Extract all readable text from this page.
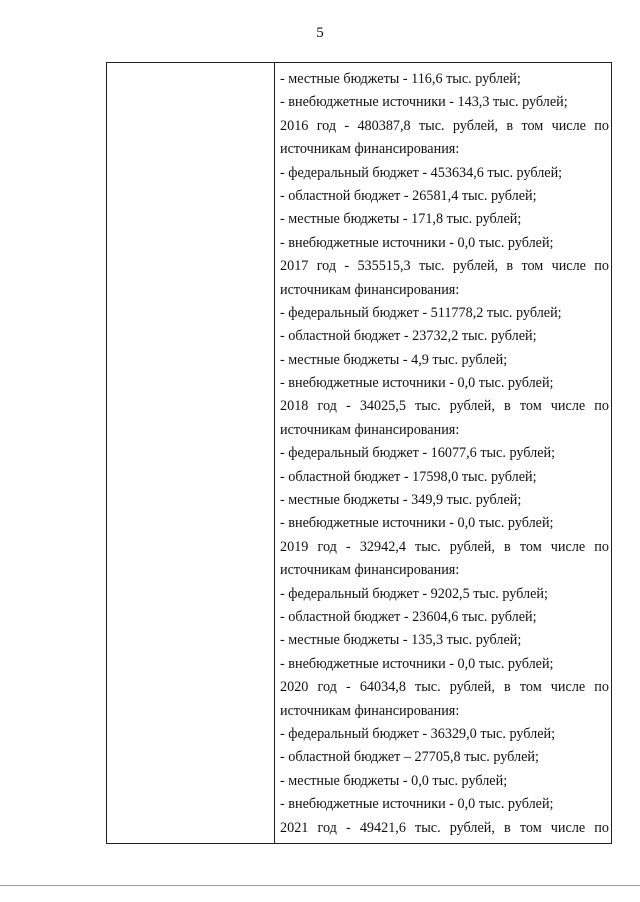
5
- местные бюджеты - 116,6 тыс. рублей;
- внебюджетные источники - 143,3 тыс. рублей;
2016 год - 480387,8 тыс. рублей, в том числе по
источникам финансирования:
- федеральный бюджет - 453634,6 тыс. рублей;
- областной бюджет - 26581,4 тыс. рублей;
- местные бюджеты - 171,8 тыс. рублей;
- внебюджетные источники - 0,0 тыс. рублей;
2017 год - 535515,3 тыс. рублей, в том числе по
источникам финансирования:
- федеральный бюджет - 511778,2 тыс. рублей;
- областной бюджет - 23732,2 тыс. рублей;
- местные бюджеты - 4,9 тыс. рублей;
- внебюджетные источники - 0,0 тыс. рублей;
2018 год - 34025,5 тыс. рублей, в том числе по
источникам финансирования:
- федеральный бюджет - 16077,6 тыс. рублей;
- областной бюджет - 17598,0 тыс. рублей;
- местные бюджеты - 349,9 тыс. рублей;
- внебюджетные источники - 0,0 тыс. рублей;
2019 год - 32942,4 тыс. рублей, в том числе по
источникам финансирования:
- федеральный бюджет - 9202,5 тыс. рублей;
- областной бюджет - 23604,6 тыс. рублей;
- местные бюджеты - 135,3 тыс. рублей;
- внебюджетные источники - 0,0 тыс. рублей;
2020 год - 64034,8 тыс. рублей, в том числе по
источникам финансирования:
- федеральный бюджет - 36329,0 тыс. рублей;
- областной бюджет – 27705,8 тыс. рублей;
- местные бюджеты - 0,0 тыс. рублей;
- внебюджетные источники - 0,0 тыс. рублей;
2021 год - 49421,6 тыс. рублей, в том числе по
